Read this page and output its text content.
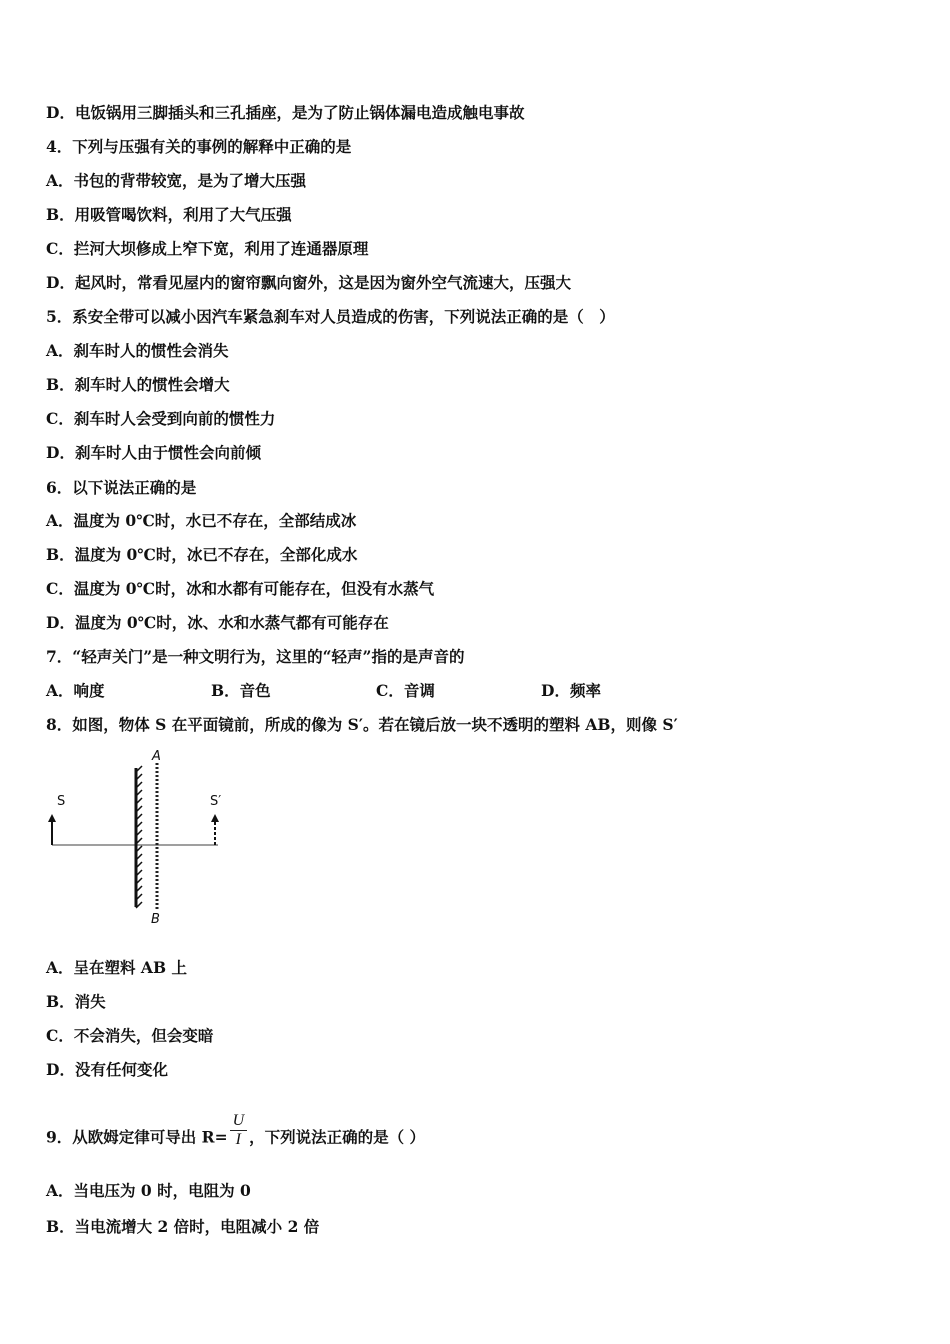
D．电饭锅用三脚插头和三孔插座，是为了防止锅体漏电造成触电事故
4．下列与压强有关的事例的解释中正确的是
A．书包的背带较宽，是为了增大压强
B．用吸管喝饮料，利用了大气压强
C．拦河大坝修成上窄下宽，利用了连通器原理
D．起风时，常看见屋内的窗帘飘向窗外，这是因为窗外空气流速大，压强大
5．系安全带可以减小因汽车紧急刹车对人员造成的伤害，下列说法正确的是（　）
A．刹车时人的惯性会消失
B．刹车时人的惯性会增大
C．刹车时人会受到向前的惯性力
D．刹车时人由于惯性会向前倾
6．以下说法正确的是
A．温度为 0℃时，水已不存在，全部结成冰
B．温度为 0℃时，冰已不存在，全部化成水
C．温度为 0℃时，冰和水都有可能存在，但没有水蒸气
D．温度为 0℃时，冰、水和水蒸气都有可能存在
7．“轻声关门”是一种文明行为，这里的“轻声”指的是声音的
A．响度	B．音色	C．音调	D．频率
8．如图，物体 S 在平面镜前，所成的像为 S′。若在镜后放一块不透明的塑料 AB，则像 S′
S	S′
A
B
A．呈在塑料 AB 上
B．消失
C．不会消失，但会变暗
D．没有任何变化
9．从欧姆定律可导出 $R= \frac{U}{I}$ ，下列说法正确的是（ ）
A．当电压为 0 时，电阻为 0
B．当电流增大 2 倍时，电阻减小 2 倍
